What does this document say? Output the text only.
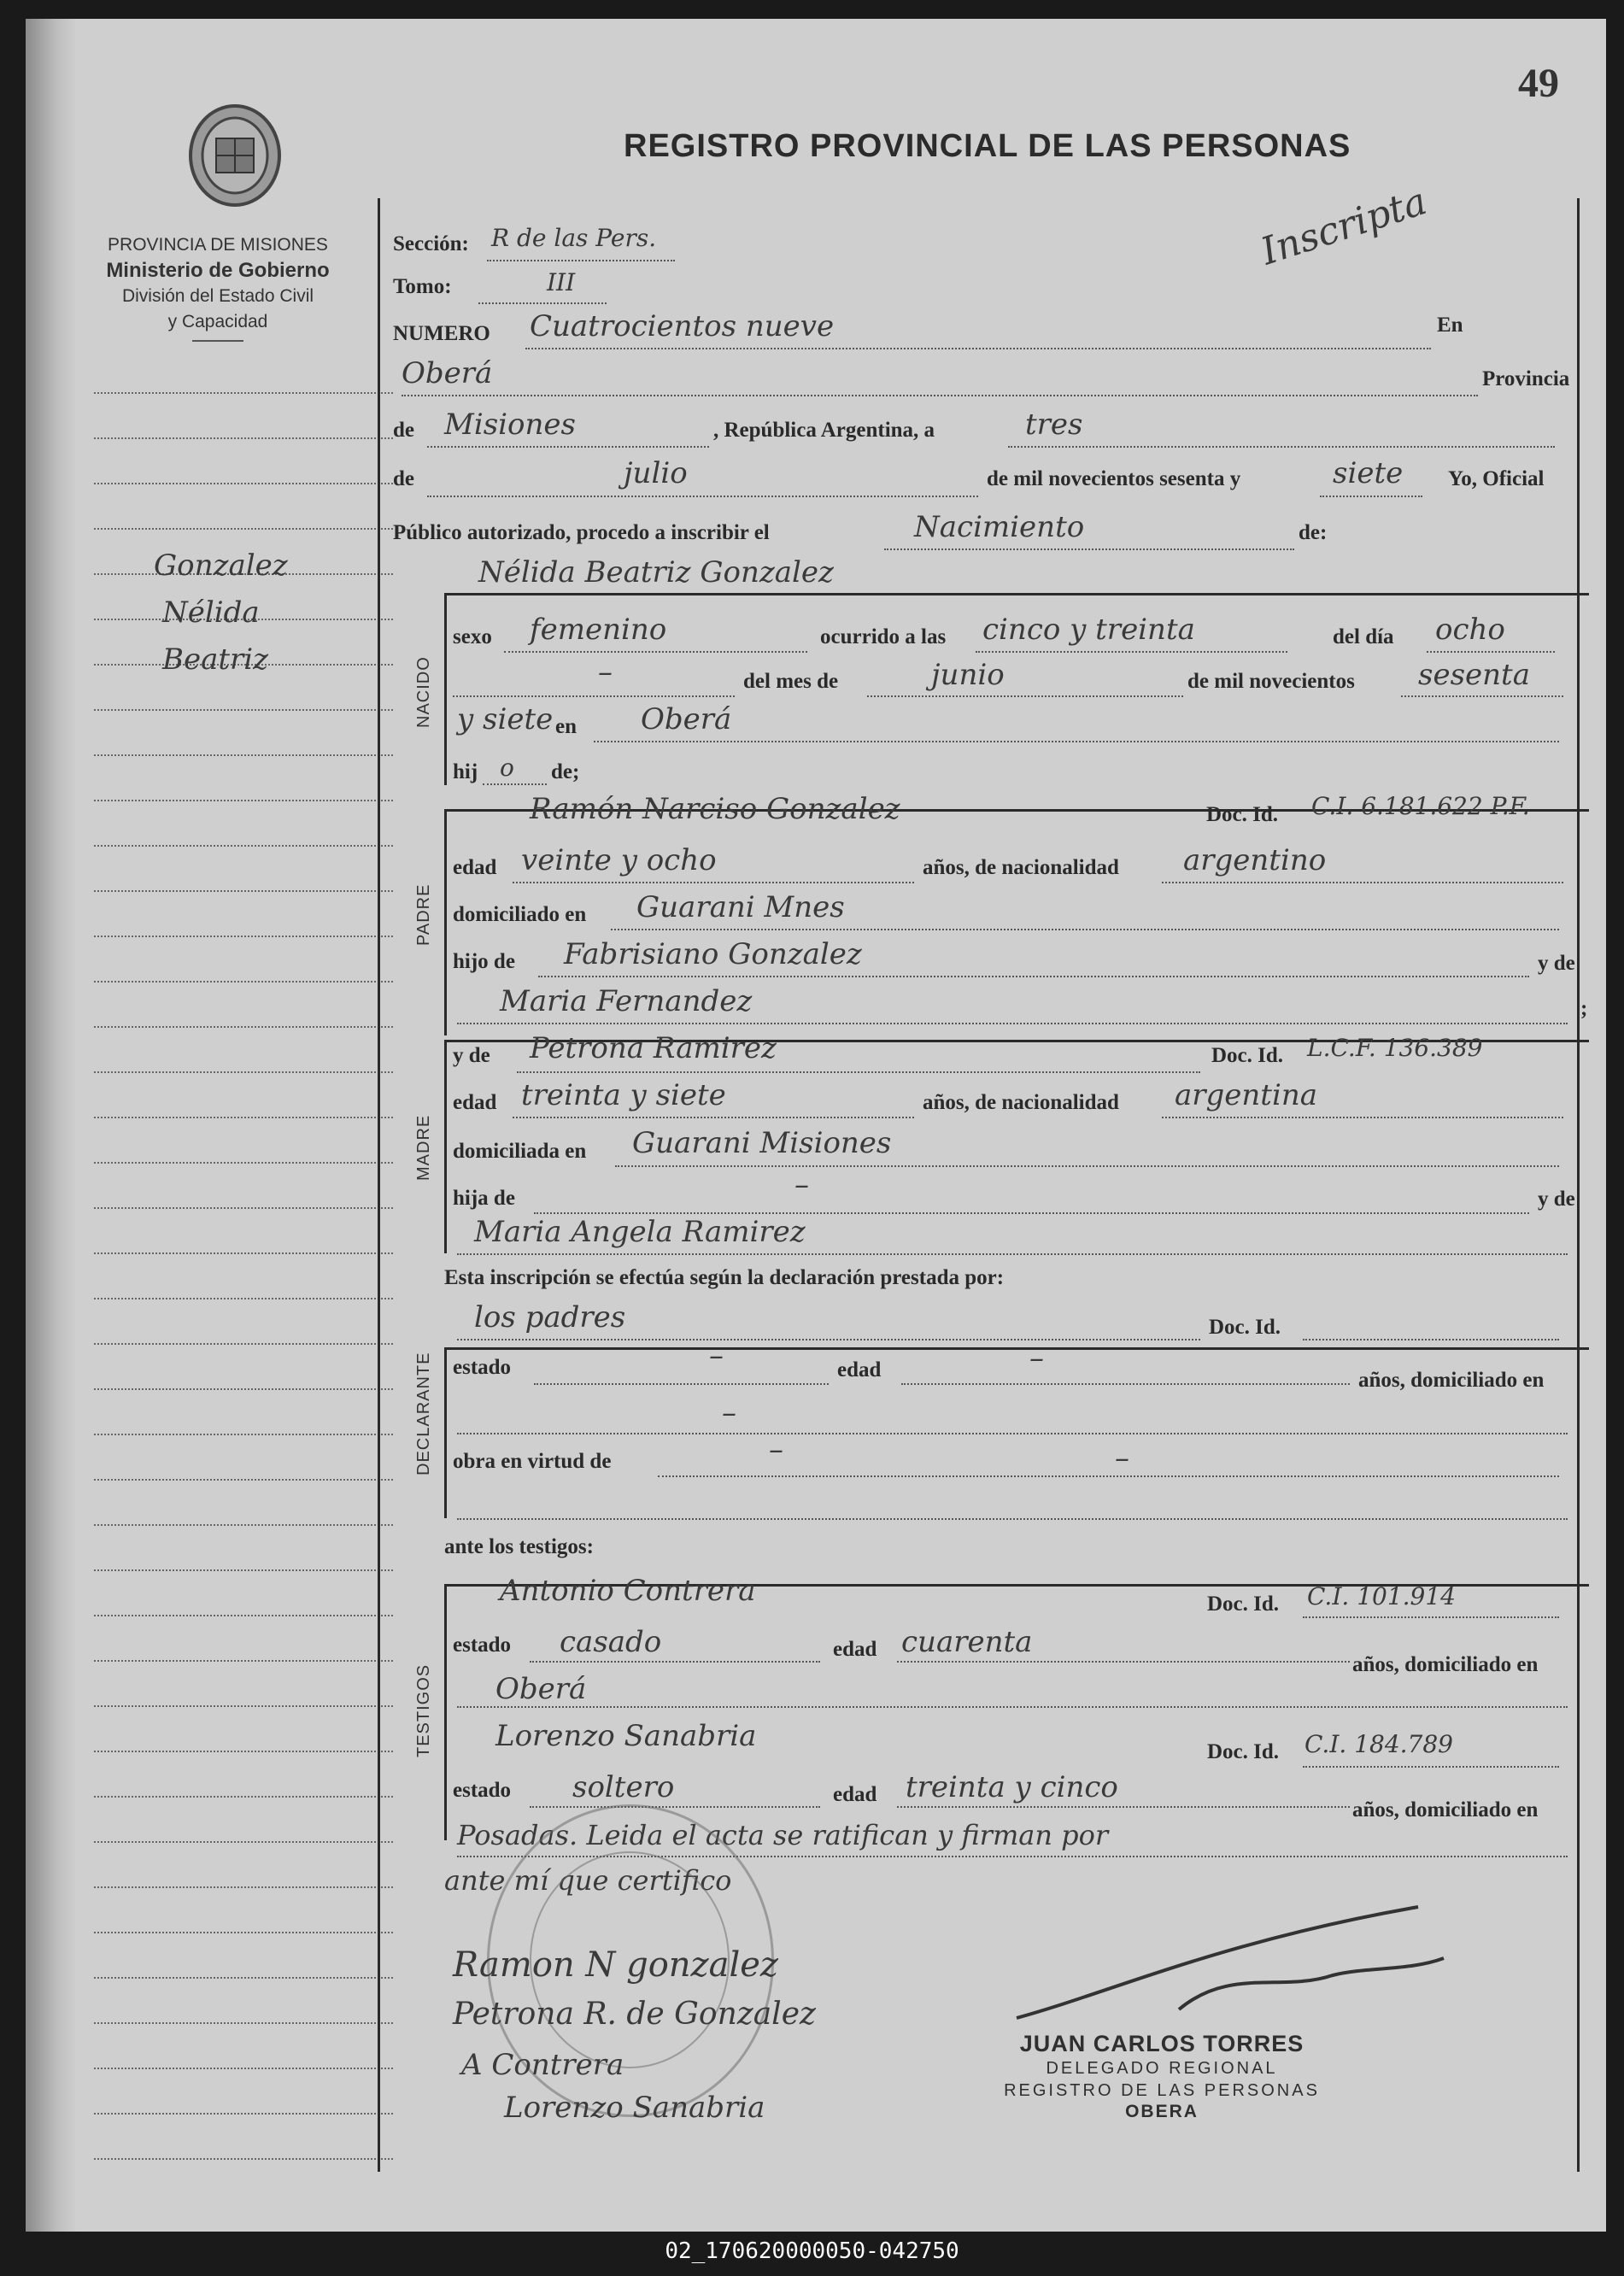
49
REGISTRO PROVINCIAL DE LAS PERSONAS
PROVINCIA DE MISIONES
Ministerio de Gobierno
División del Estado Civil
y Capacidad
Gonzalez
Nélida
Beatriz
Inscripta
Sección: R de las Pers.
Tomo:	III
NUMERO Cuatrocientos nueve	En
Oberá	Provincia
de Misiones	, República Argentina, a	tres
de	julio	de mil novecientos sesenta y	siete Yo, Oficial
Público autorizado, procedo a inscribir el	Nacimiento	de:
Nélida Beatriz Gonzalez
NACIDO
sexo femenino	ocurrido a las cinco y treinta	del día ocho
–	del mes de	junio	de mil novecientos sesenta
y siete en Oberá
hij o de;
Ramón Narciso Gonzalez
PADRE
Doc. Id. C.I. 6.181.622 P.F.
edad veinte y ocho	años, de nacionalidad argentino
domiciliado en Guarani Mnes
hijo de Fabrisiano Gonzalez	y de
Maria Fernandez	;
MADRE
y de Petrona Ramirez	Doc. Id. L.C.F. 136.389
edad treinta y siete	años, de nacionalidad argentina
domiciliada en Guarani Misiones
hija de	–	y de
Maria Angela Ramirez
Esta inscripción se efectúa según la declaración prestada por:
los padres	Doc. Id.
DECLARANTE estado	–	edad	–
años, domiciliado en
–
obra en virtud de	–	–
ante los testigos:
TESTIGOS
Antonio Contrera	Doc. Id. C.I. 101.914
estado casado	edad cuarenta
años, domiciliado en
Oberá
Lorenzo Sanabria	Doc. Id. C.I. 184.789
estado soltero	edad treinta y cinco
años, domiciliado en
Posadas. Leida el acta se ratifican y firman por
ante mí que certifico
Ramon N gonzalez
Petrona R. de Gonzalez
A Contrera
Lorenzo Sanabria
JUAN CARLOS TORRES
DELEGADO REGIONAL
REGISTRO DE LAS PERSONAS
OBERA
02_170620000050-042750
